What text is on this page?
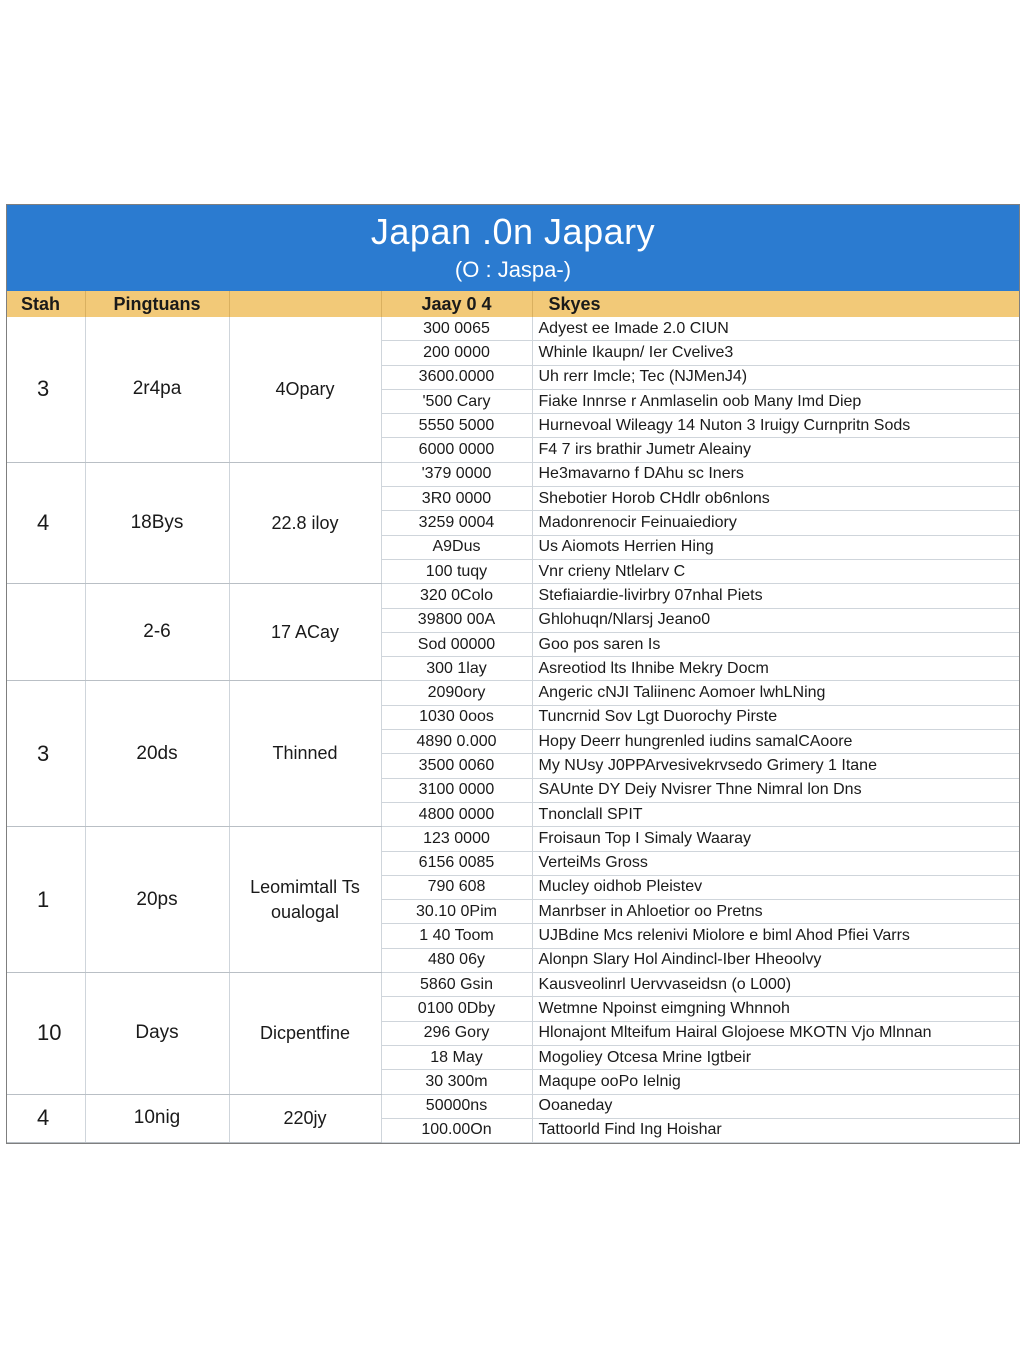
Japan .0n Japary
(O : Jaspa-)
Stah	Pingtuans		Jaay 0 4	Skyes
3	2r4pa	4Opary	300 0065	Adyest ee Imade 2.0 CIUN
			200 0000	Whinle Ikaupn/ Ier Cvelive3
			3600.0000	Uh rerr Imcle; Tec (NJMenJ4)
			'500 Cary	Fiake Innrse r Anmlaselin oob Many Imd Diep
			5550 5000	Hurnevoal Wileagy 14 Nuton 3 Iruigy Curnpritn Sods
			6000 0000	F4 7 irs brathir Jumetr Aleainy
4	18Bys	22.8 iloy	'379 0000	He3mavarno f DAhu sc Iners
			3R0 0000	Shebotier Horob CHdlr ob6nlons
			3259 0004	Madonrenocir Feinuaiediory
			A9Dus	Us Aiomots Herrien Hing
			100 tuqy	Vnr crieny Ntlelarv C
	2-6	17 ACay	320 0Colo	Stefiaiardie-livirbry 07nhal Piets
			39800 00A	Ghlohuqn/Nlarsj Jeano0
			Sod 00000	Goo pos saren Is
			300 1lay	Asreotiod lts Ihnibe Mekry Docm
3	20ds	Thinned	2090ory	Angeric cNJI Taliinenc Aomoer lwhLNing
			1030 0oos	Tuncrnid Sov Lgt Duorochy Pirste
			4890 0.000	Hopy Deerr hungrenled iudins samalCAoore
			3500 0060	My NUsy J0PPArvesivekrvsedo Grimery 1 Itane
			3100 0000	SAUnte DY Deiy Nvisrer Thne Nimral lon Dns
			4800 0000	Tnonclall SPIT
1	20ps	Leomimtall Ts oualogal	123 0000	Froisaun Top I Simaly Waaray
			6156 0085	VerteiMs Gross
			790 608	Mucley oidhob Pleistev
			30.10 0Pim	Manrbser in Ahloetior oo Pretns
			1 40 Toom	UJBdine Mcs relenivi Miolore e biml Ahod Pfiei Varrs
			480 06y	Alonpn Slary Hol Aindincl-Iber Hheoolvy
10	Days	Dicpentfine	5860 Gsin	Kausveolinrl Uervvaseidsn (o L000)
			0100 0Dby	Wetmne Npoinst eimgning Whnnoh
			296 Gory	Hlonajont Mlteifum Hairal Glojoese MKOTN Vjo Mlnnan
			18 May	Mogoliey Otcesa Mrine Igtbeir
			30 300m	Maqupe ooPo Ielnig
4	10nig	220jy	50000ns	Ooaneday
			100.00On	Tattoorld Find Ing Hoishar
